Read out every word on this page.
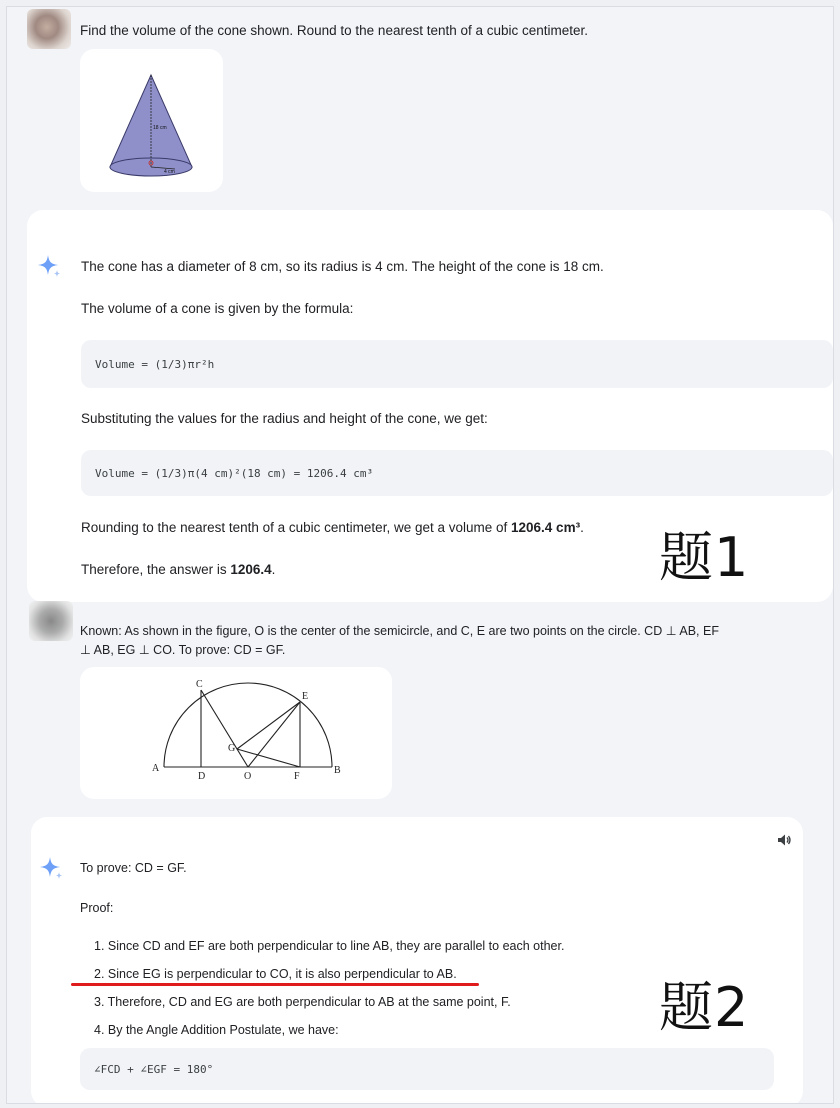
Find the volume of the cone shown. Round to the nearest tenth of a cubic centimeter.
18 cm
4 cm
The cone has a diameter of 8 cm, so its radius is 4 cm. The height of the cone is 18 cm.
The volume of a cone is given by the formula:
Volume = (1/3)πr²h
Substituting the values for the radius and height of the cone, we get:
Volume = (1/3)π(4 cm)²(18 cm) = 1206.4 cm³
Rounding to the nearest tenth of a cubic centimeter, we get a volume of 1206.4 cm³.
Therefore, the answer is 1206.4.	题1
Known: As shown in the figure, O is the center of the semicircle, and C, E are two points on the circle. CD ⊥ AB, EF
⊥ AB, EG ⊥ CO. To prove: CD = GF.
A
C
D	O
G
E
F
B
To prove: CD = GF.
Proof:
1. Since CD and EF are both perpendicular to line AB, they are parallel to each other.
2. Since EG is perpendicular to CO, it is also perpendicular to AB.
3. Therefore, CD and EG are both perpendicular to AB at the same point, F.
4. By the Angle Addition Postulate, we have:
∠FCD + ∠EGF = 180°
题2
